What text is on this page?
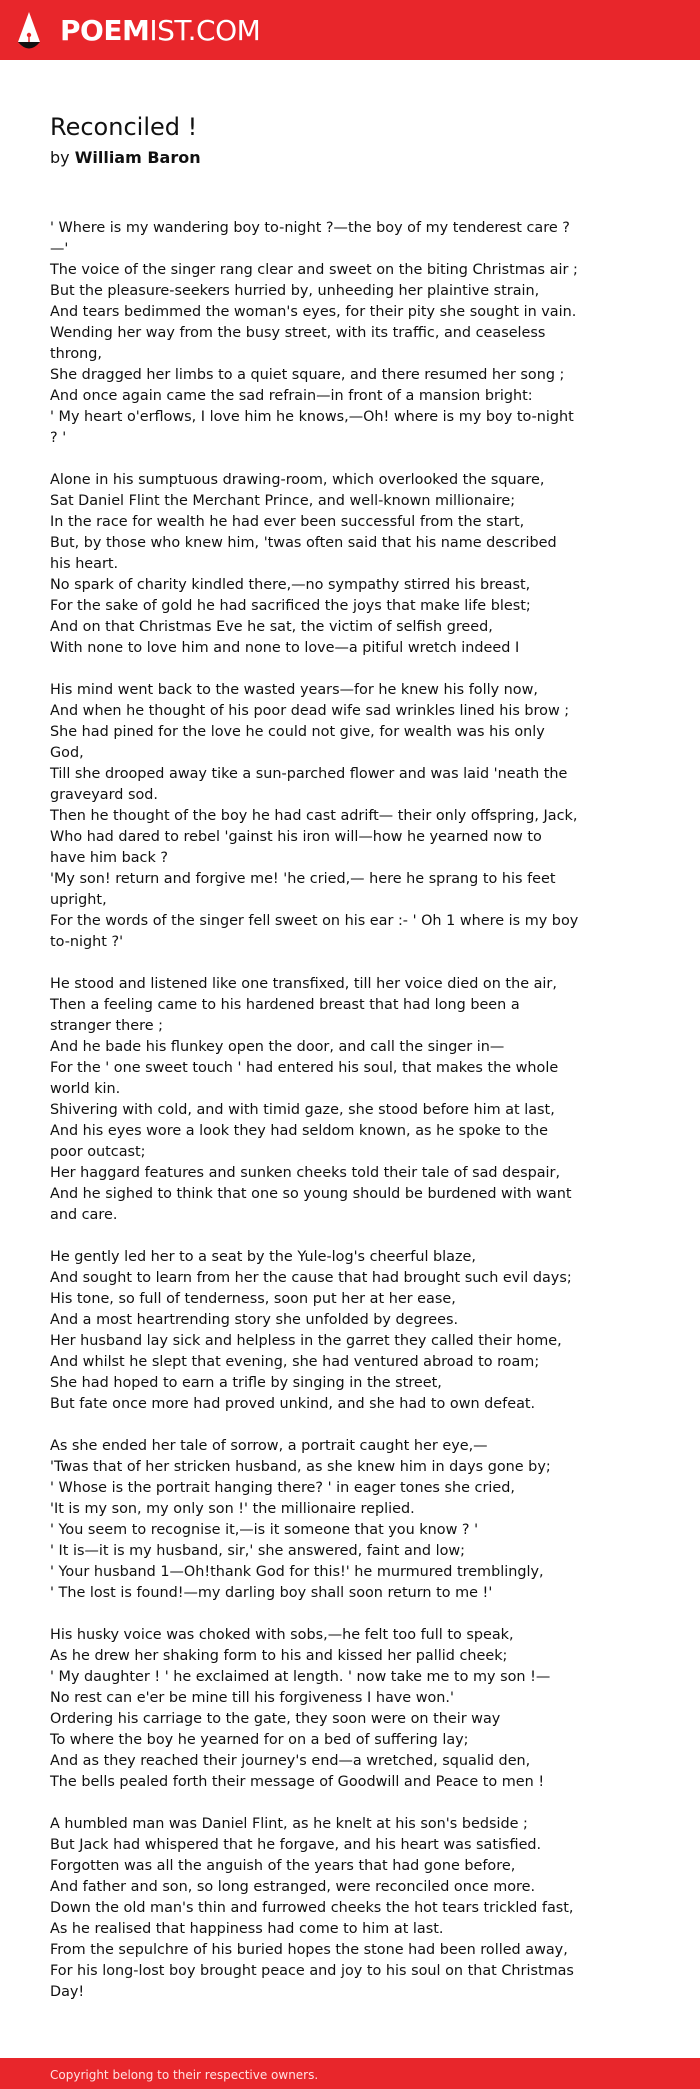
POEMIST.COM
Reconciled !
by William Baron

' Where is my wandering boy to-night ?—the boy of my tenderest care ?—'
The voice of the singer rang clear and sweet on the biting Christmas air ;
But the pleasure-seekers hurried by, unheeding her plaintive strain,
And tears bedimmed the woman's eyes, for their pity she sought in vain.
Wending her way from the busy street, with its traffic, and ceaseless throng,
She dragged her limbs to a quiet square, and there resumed her song ;
And once again came the sad refrain—in front of a mansion bright:
' My heart o'erflows, I love him he knows,—Oh! where is my boy to-night ? '

Alone in his sumptuous drawing-room, which overlooked the square,
Sat Daniel Flint the Merchant Prince, and well-known millionaire;
In the race for wealth he had ever been successful from the start,
But, by those who knew him, 'twas often said that his name described his heart.
No spark of charity kindled there,—no sympathy stirred his breast,
For the sake of gold he had sacrificed the joys that make life blest;
And on that Christmas Eve he sat, the victim of selfish greed,
With none to love him and none to love—a pitiful wretch indeed I

His mind went back to the wasted years—for he knew his folly now,
And when he thought of his poor dead wife sad wrinkles lined his brow ;
She had pined for the love he could not give, for wealth was his only God,
Till she drooped away tike a sun-parched flower and was laid 'neath the graveyard sod.
Then he thought of the boy he had cast adrift— their only offspring, Jack,
Who had dared to rebel 'gainst his iron will—how he yearned now to have him back ?
'My son! return and forgive me! 'he cried,— here he sprang to his feet upright,
For the words of the singer fell sweet on his ear :- ' Oh 1 where is my boy to-night ?'

He stood and listened like one transfixed, till her voice died on the air,
Then a feeling came to his hardened breast that had long been a stranger there ;
And he bade his flunkey open the door, and call the singer in—
For the ' one sweet touch ' had entered his soul, that makes the whole world kin.
Shivering with cold, and with timid gaze, she stood before him at last,
And his eyes wore a look they had seldom known, as he spoke to the poor outcast;
Her haggard features and sunken cheeks told their tale of sad despair,
And he sighed to think that one so young should be burdened with want and care.

He gently led her to a seat by the Yule-log's cheerful blaze,
And sought to learn from her the cause that had brought such evil days;
His tone, so full of tenderness, soon put her at her ease,
And a most heartrending story she unfolded by degrees.
Her husband lay sick and helpless in the garret they called their home,
And whilst he slept that evening, she had ventured abroad to roam;
She had hoped to earn a trifle by singing in the street,
But fate once more had proved unkind, and she had to own defeat.

As she ended her tale of sorrow, a portrait caught her eye,—
'Twas that of her stricken husband, as she knew him in days gone by;
' Whose is the portrait hanging there? ' in eager tones she cried,
'It is my son, my only son !' the millionaire replied.
' You seem to recognise it,—is it someone that you know ? '
' It is—it is my husband, sir,' she answered, faint and low;
' Your husband 1—Oh!thank God for this!' he murmured tremblingly,
' The lost is found!—my darling boy shall soon return to me !'

His husky voice was choked with sobs,—he felt too full to speak,
As he drew her shaking form to his and kissed her pallid cheek;
' My daughter ! ' he exclaimed at length. ' now take me to my son !—
No rest can e'er be mine till his forgiveness I have won.'
Ordering his carriage to the gate, they soon were on their way
To where the boy he yearned for on a bed of suffering lay;
And as they reached their journey's end—a wretched, squalid den,
The bells pealed forth their message of Goodwill and Peace to men !

A humbled man was Daniel Flint, as he knelt at his son's bedside ;
But Jack had whispered that he forgave, and his heart was satisfied.
Forgotten was all the anguish of the years that had gone before,
And father and son, so long estranged, were reconciled once more.
Down the old man's thin and furrowed cheeks the hot tears trickled fast,
As he realised that happiness had come to him at last.
From the sepulchre of his buried hopes the stone had been rolled away,
For his long-lost boy brought peace and joy to his soul on that Christmas Day!

Copyright belong to their respective owners.
